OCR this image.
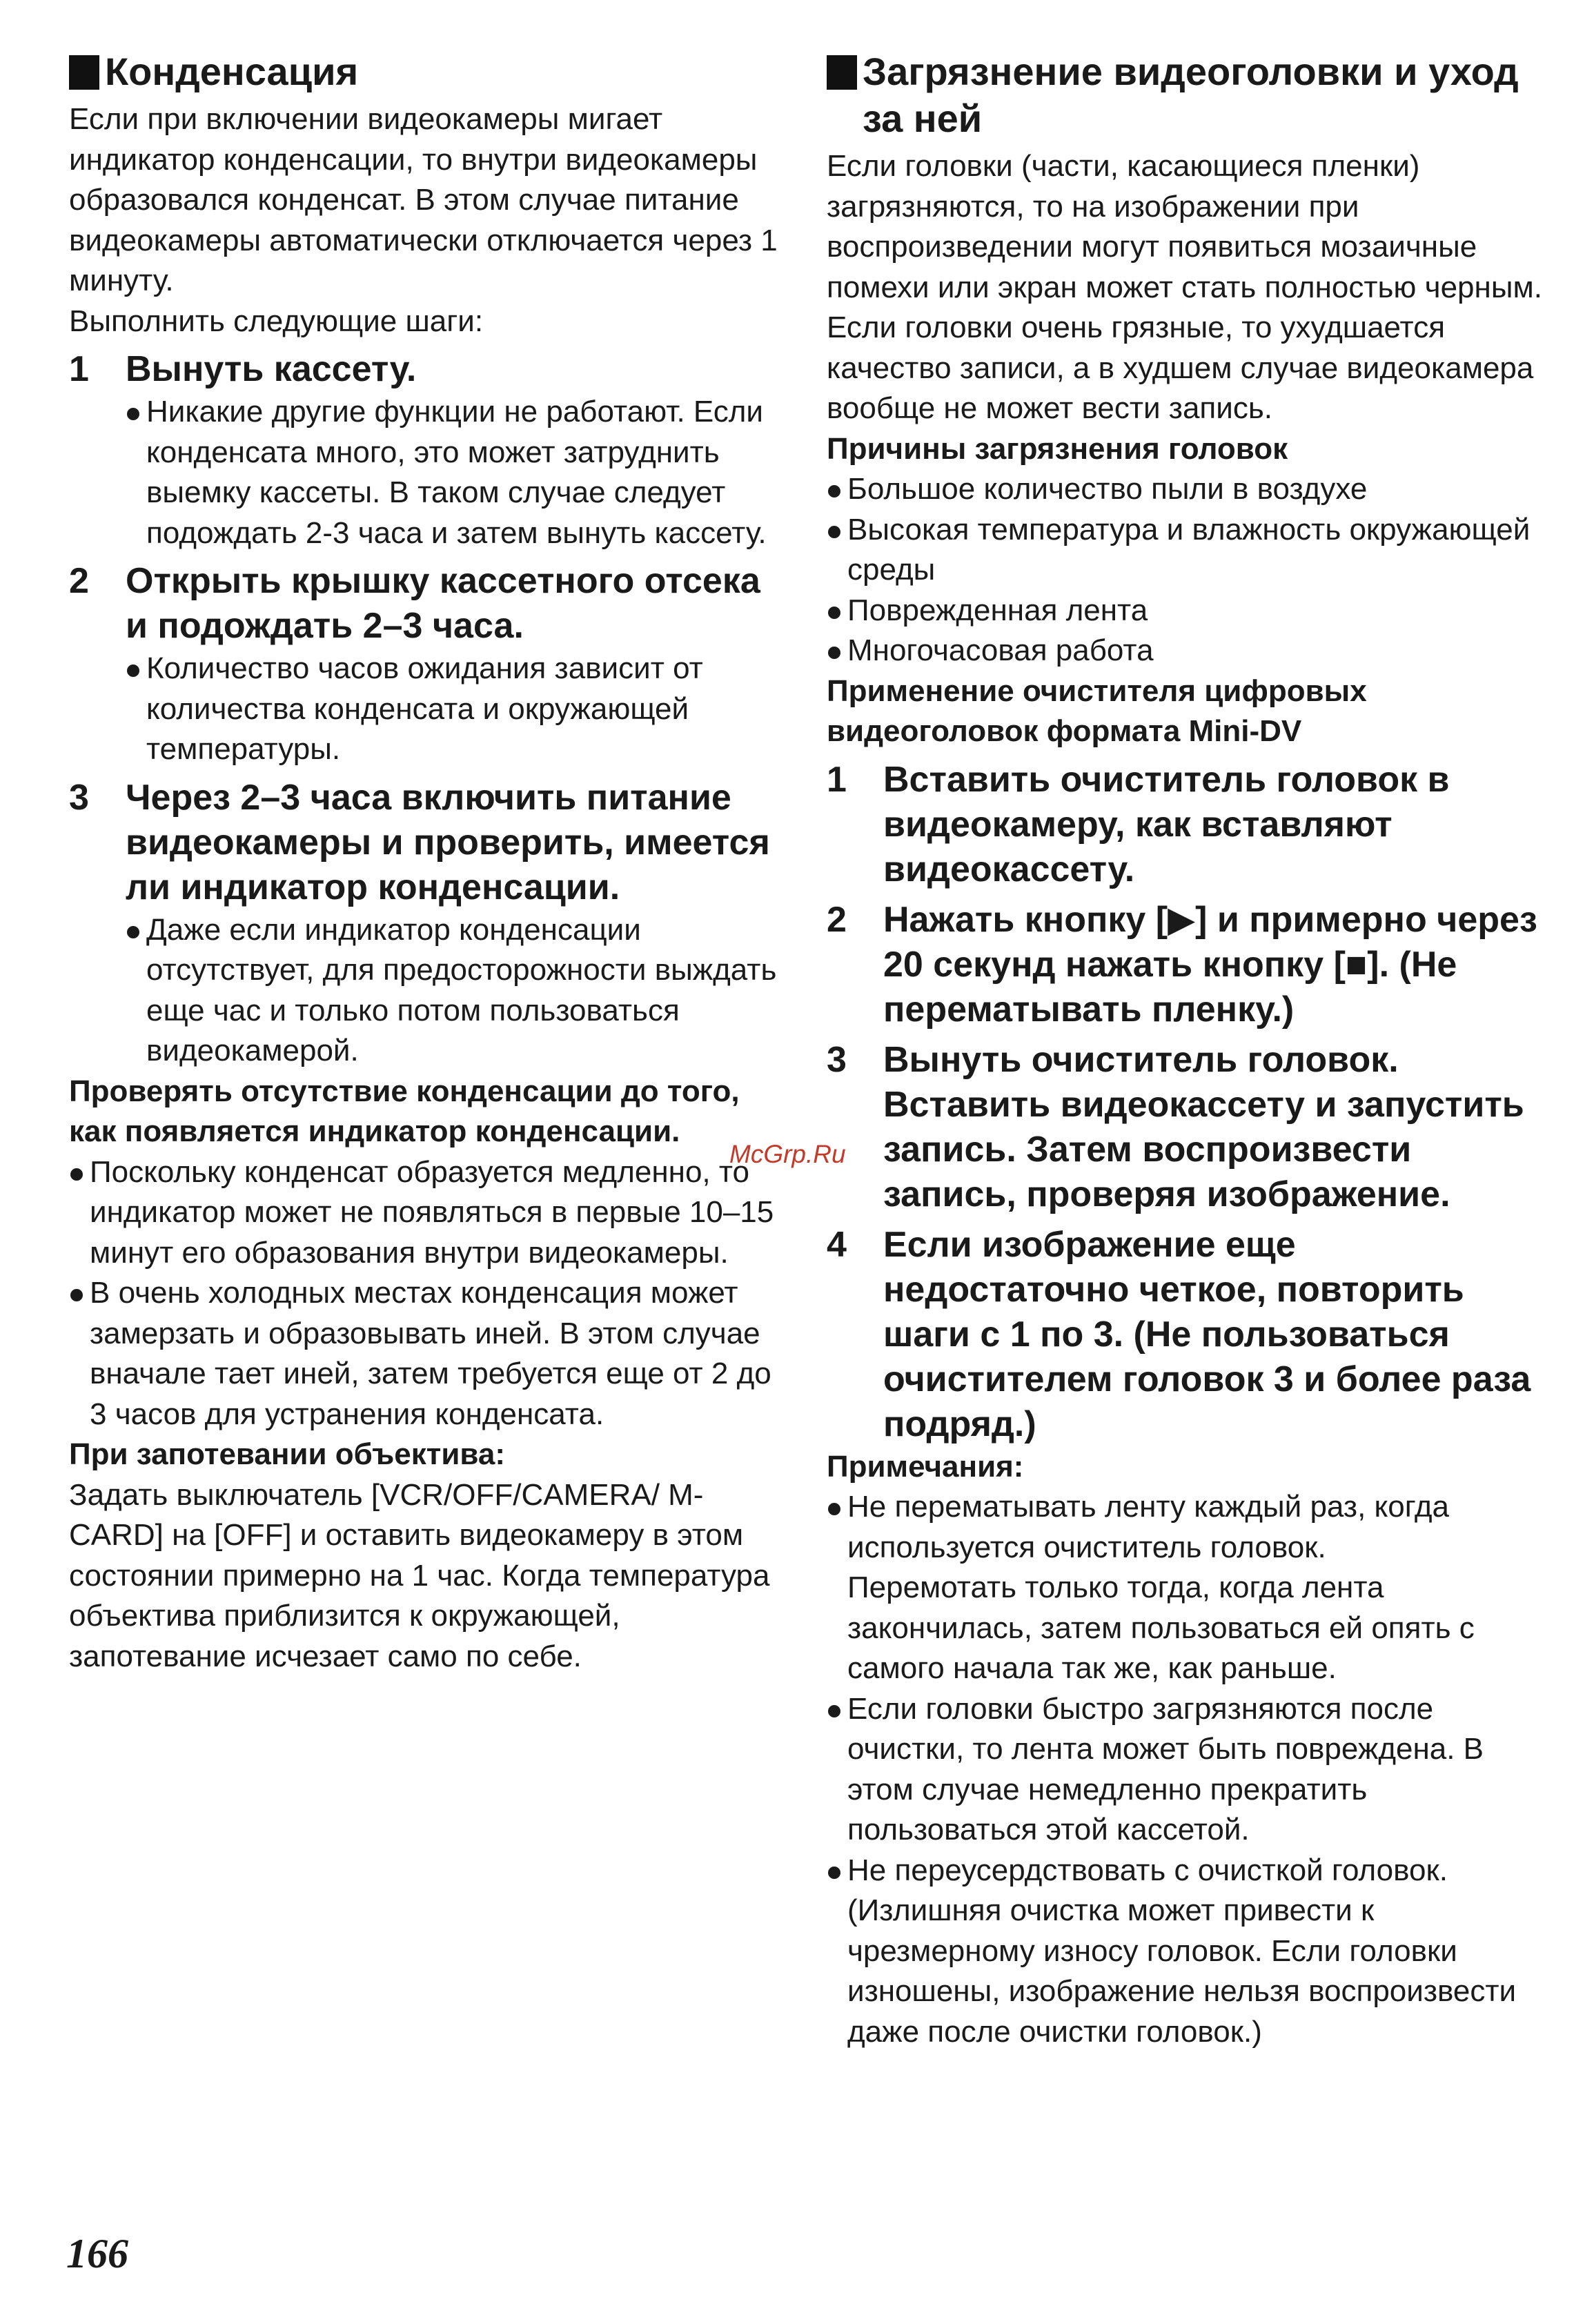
Конденсация

Если при включении видеокамеры мигает индикатор конденсации, то внутри видеокамеры образовался конденсат. В этом случае питание видеокамеры автоматически отключается через 1 минуту.

Выполнить следующие шаги:

1	Вынуть кассету.
Никакие другие функции не работают. Если конденсата много, это может затруднить выемку кассеты. В таком случае следует подождать 2-3 часа и затем вынуть кассету.
2	Открыть крышку кассетного отсека и подождать 2–3 часа.
Количество часов ожидания зависит от количества конденсата и окружающей температуры.
3	Через 2–3 часа включить питание видеокамеры и проверить, имеется ли индикатор конденсации.
Даже если индикатор конденсации отсутствует, для предосторожности выждать еще час и только потом пользоваться видеокамерой.

Проверять отсутствие конденсации до того, как появляется индикатор конденсации.

Поскольку конденсат образуется медленно, то индикатор может не появляться в первые 10–15 минут его образования внутри видеокамеры.
В очень холодных местах конденсация может замерзать и образовывать иней. В этом случае вначале тает иней, затем требуется еще от 2 до 3 часов для устранения конденсата.

При запотевании объектива:

Задать выключатель [VCR/OFF/CAMERA/ M-CARD] на [OFF] и оставить видеокамеру в этом состоянии примерно на 1 час. Когда температура объектива приблизится к окружающей, запотевание исчезает само по себе.

Загрязнение видеоголовки и уход за ней

Если головки (части, касающиеся пленки) загрязняются, то на изображении при воспроизведении могут появиться мозаичные помехи или экран может стать полностью черным. Если головки очень грязные, то ухудшается качество записи, а в худшем случае видеокамера вообще не может вести запись.

Причины загрязнения головок

Большое количество пыли в воздухе
Высокая температура и влажность окружающей среды
Поврежденная лента
Многочасовая работа

Применение очистителя цифровых видеоголовок формата Mini-DV

1	Вставить очиститель головок в видеокамеру, как вставляют видеокассету.
2	Нажать кнопку [▶] и примерно через 20 секунд нажать кнопку [■]. (Не перематывать пленку.)
3	Вынуть очиститель головок. Вставить видеокассету и запустить запись. Затем воспроизвести запись, проверяя изображение.
4	Если изображение еще недостаточно четкое, повторить шаги с 1 по 3. (Не пользоваться очистителем головок 3 и более раза подряд.)

Примечания:

Не перематывать ленту каждый раз, когда используется очиститель головок.
Перемотать только тогда, когда лента закончилась, затем пользоваться ей опять с самого начала так же, как раньше.
Если головки быстро загрязняются после очистки, то лента может быть повреждена. В этом случае немедленно прекратить пользоваться этой кассетой.
Не переусердствовать с очисткой головок.
(Излишняя очистка может привести к чрезмерному износу головок. Если головки изношены, изображение нельзя воспроизвести даже после очистки головок.)
McGrp.Ru
166
